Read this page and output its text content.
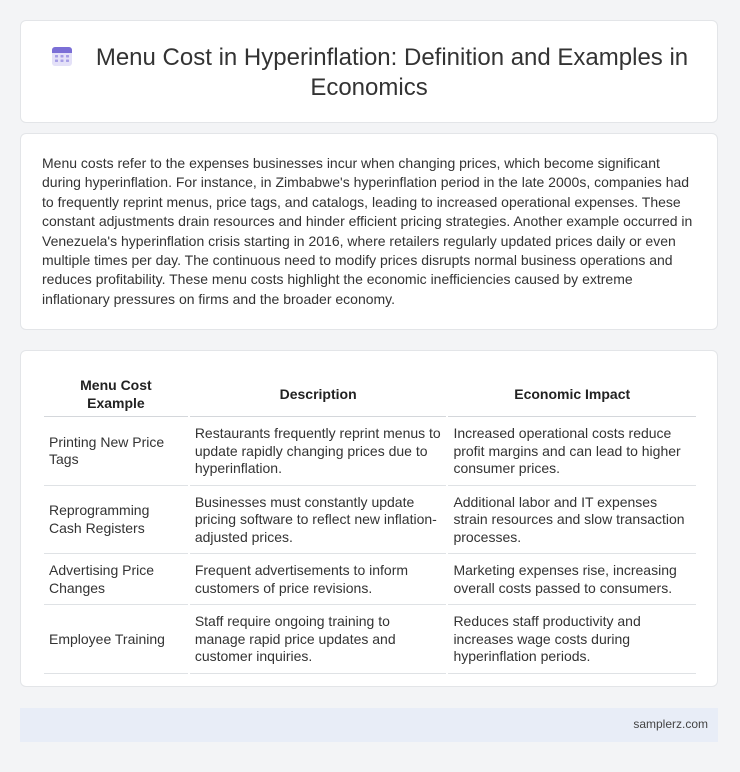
Menu Cost in Hyperinflation: Definition and Examples in Economics

Menu costs refer to the expenses businesses incur when changing prices, which become significant during hyperinflation. For instance, in Zimbabwe's hyperinflation period in the late 2000s, companies had to frequently reprint menus, price tags, and catalogs, leading to increased operational expenses. These constant adjustments drain resources and hinder efficient pricing strategies. Another example occurred in Venezuela's hyperinflation crisis starting in 2016, where retailers regularly updated prices daily or even multiple times per day. The continuous need to modify prices disrupts normal business operations and reduces profitability. These menu costs highlight the economic inefficiencies caused by extreme inflationary pressures on firms and the broader economy.

Menu Cost Example	Description	Economic Impact
Printing New Price Tags	Restaurants frequently reprint menus to update rapidly changing prices due to hyperinflation.	Increased operational costs reduce profit margins and can lead to higher consumer prices.
Reprogramming Cash Registers	Businesses must constantly update pricing software to reflect new inflation-adjusted prices.	Additional labor and IT expenses strain resources and slow transaction processes.
Advertising Price Changes	Frequent advertisements to inform customers of price revisions.	Marketing expenses rise, increasing overall costs passed to consumers.
Employee Training	Staff require ongoing training to manage rapid price updates and customer inquiries.	Reduces staff productivity and increases wage costs during hyperinflation periods.
samplerz.com
